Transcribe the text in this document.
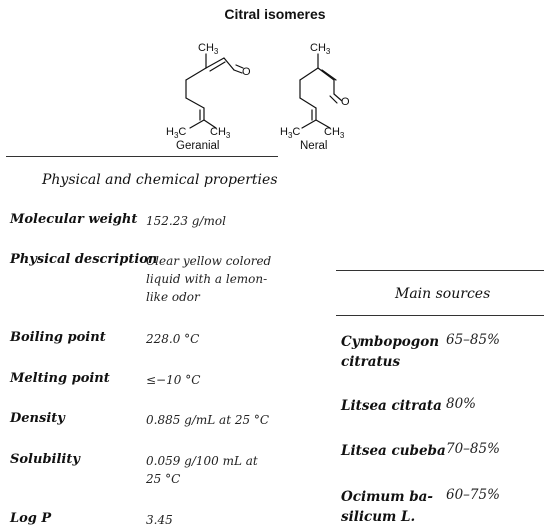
Citral isomeres
$CH_3$
O
$H_3C$ $CH_3$
Geranial
$CH_3$
O
$H_3C$ $CH_3$
Neral
Physical and chemical properties
Molecular weight 152.23 g/mol
Physical description
Clear yellow colored
liquid with a lemon-
like odor
Boiling point	228.0 °C
Melting point	≤−10 °C
Density	0.885 g/mL at 25 °C
Solubility	0.059 g/100 mL at
25 °C
Log P	3.45
Main sources
Cymbopogon
citratus
65–85%
Litsea citrata 80%
Litsea cubeba 70–85%
Ocimum ba-
silicum L.
60–75%
